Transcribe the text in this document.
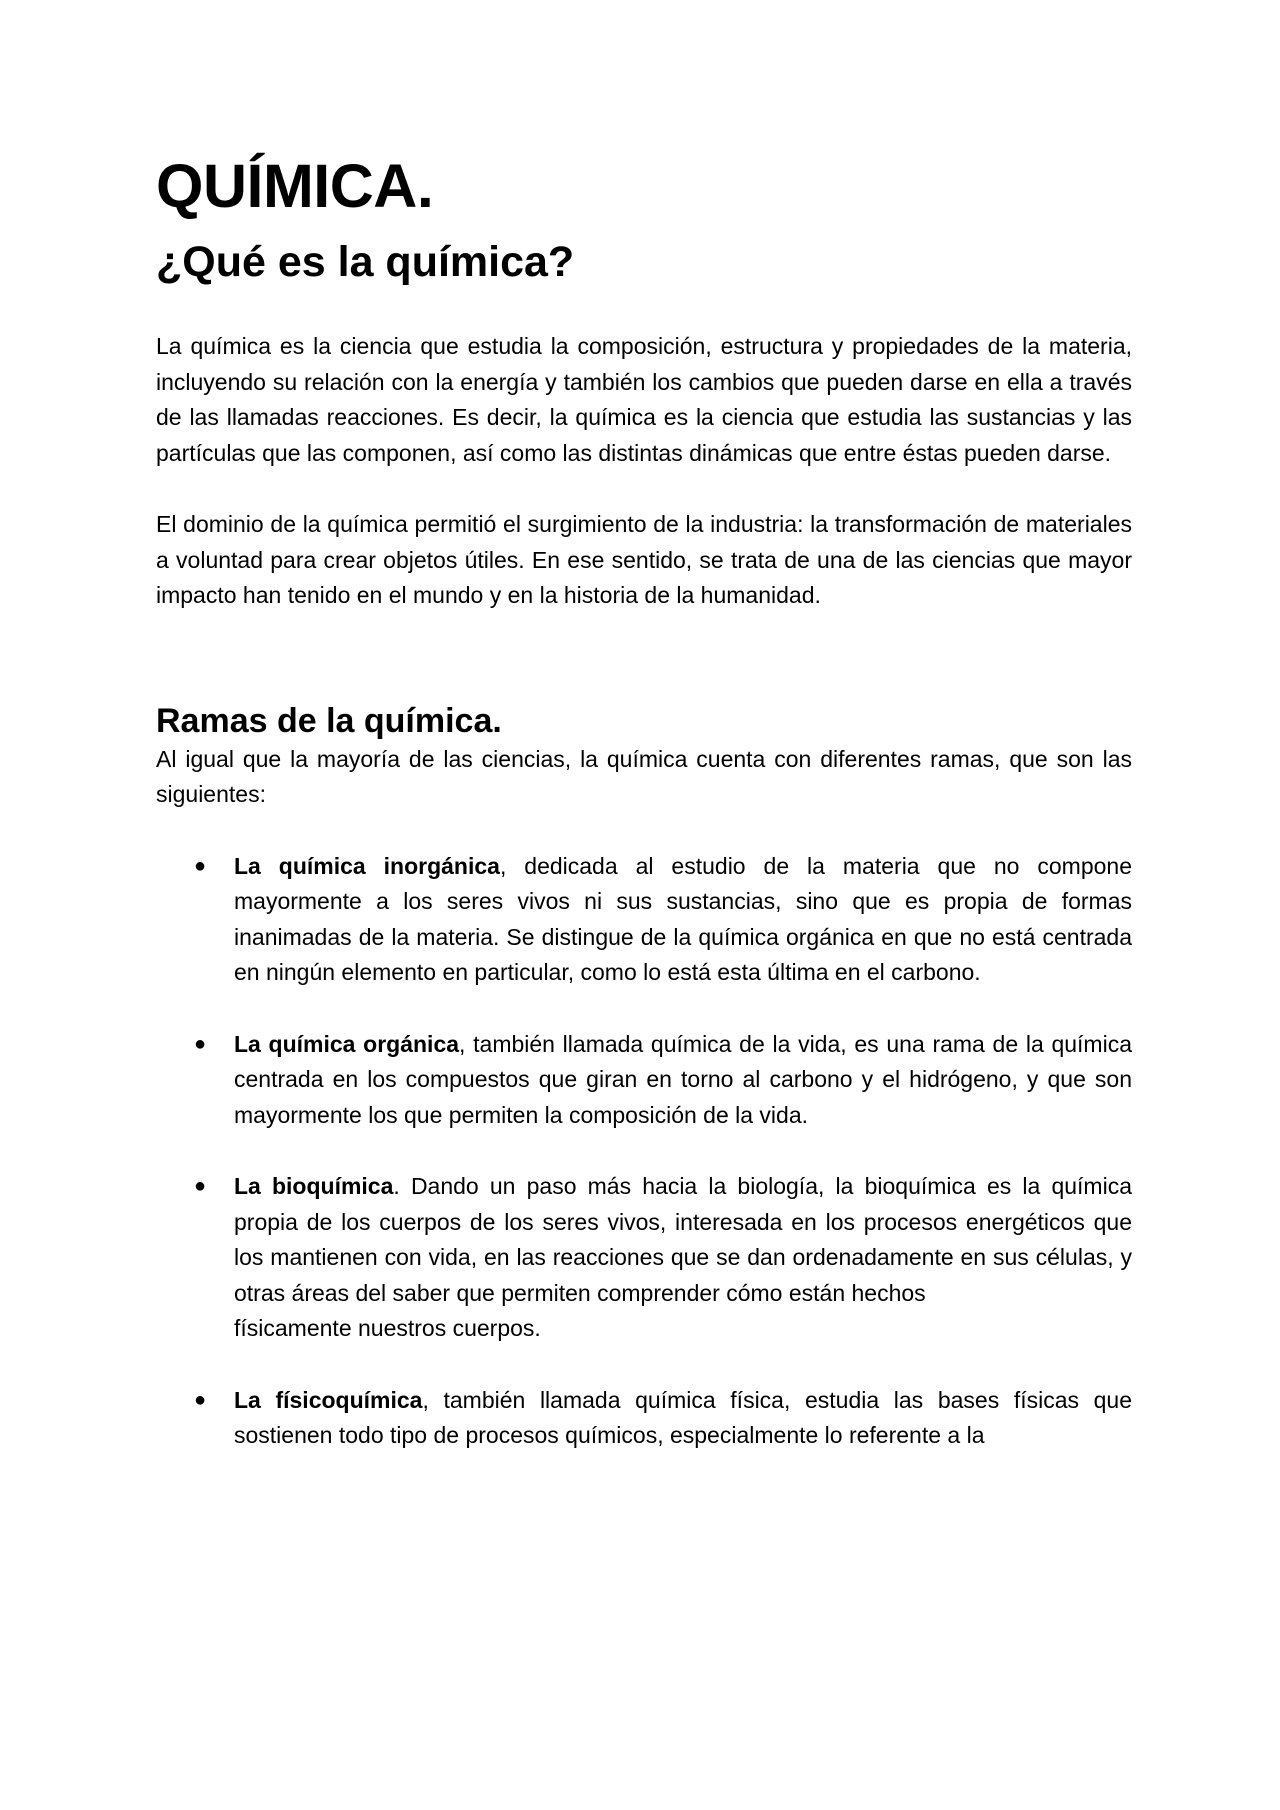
QUÍMICA.
¿Qué es la química?

La química es la ciencia que estudia la composición, estructura y propiedades de la materia, incluyendo su relación con la energía y también los cambios que pueden darse en ella a través de las llamadas reacciones. Es decir, la química es la ciencia que estudia las sustancias y las partículas que las componen, así como las distintas dinámicas que entre éstas pueden darse.

El dominio de la química permitió el surgimiento de la industria: la transformación de materiales a voluntad para crear objetos útiles. En ese sentido, se trata de una de las ciencias que mayor impacto han tenido en el mundo y en la historia de la humanidad.

Ramas de la química.

Al igual que la mayoría de las ciencias, la química cuenta con diferentes ramas, que son las siguientes:

● La química inorgánica, dedicada al estudio de la materia que no compone mayormente a los seres vivos ni sus sustancias, sino que es propia de formas inanimadas de la materia. Se distingue de la química orgánica en que no está centrada en ningún elemento en particular, como lo está esta última en el carbono.
● La química orgánica, también llamada química de la vida, es una rama de la química centrada en los compuestos que giran en torno al carbono y el hidrógeno, y que son mayormente los que permiten la composición de la vida.
● La bioquímica. Dando un paso más hacia la biología, la bioquímica es la química propia de los cuerpos de los seres vivos, interesada en los procesos energéticos que los mantienen con vida, en las reacciones que se dan ordenadamente en sus células, y otras áreas del saber que permiten comprender cómo están hechos
físicamente nuestros cuerpos.
● La físicoquímica, también llamada química física, estudia las bases físicas que sostienen todo tipo de procesos químicos, especialmente lo referente a la
